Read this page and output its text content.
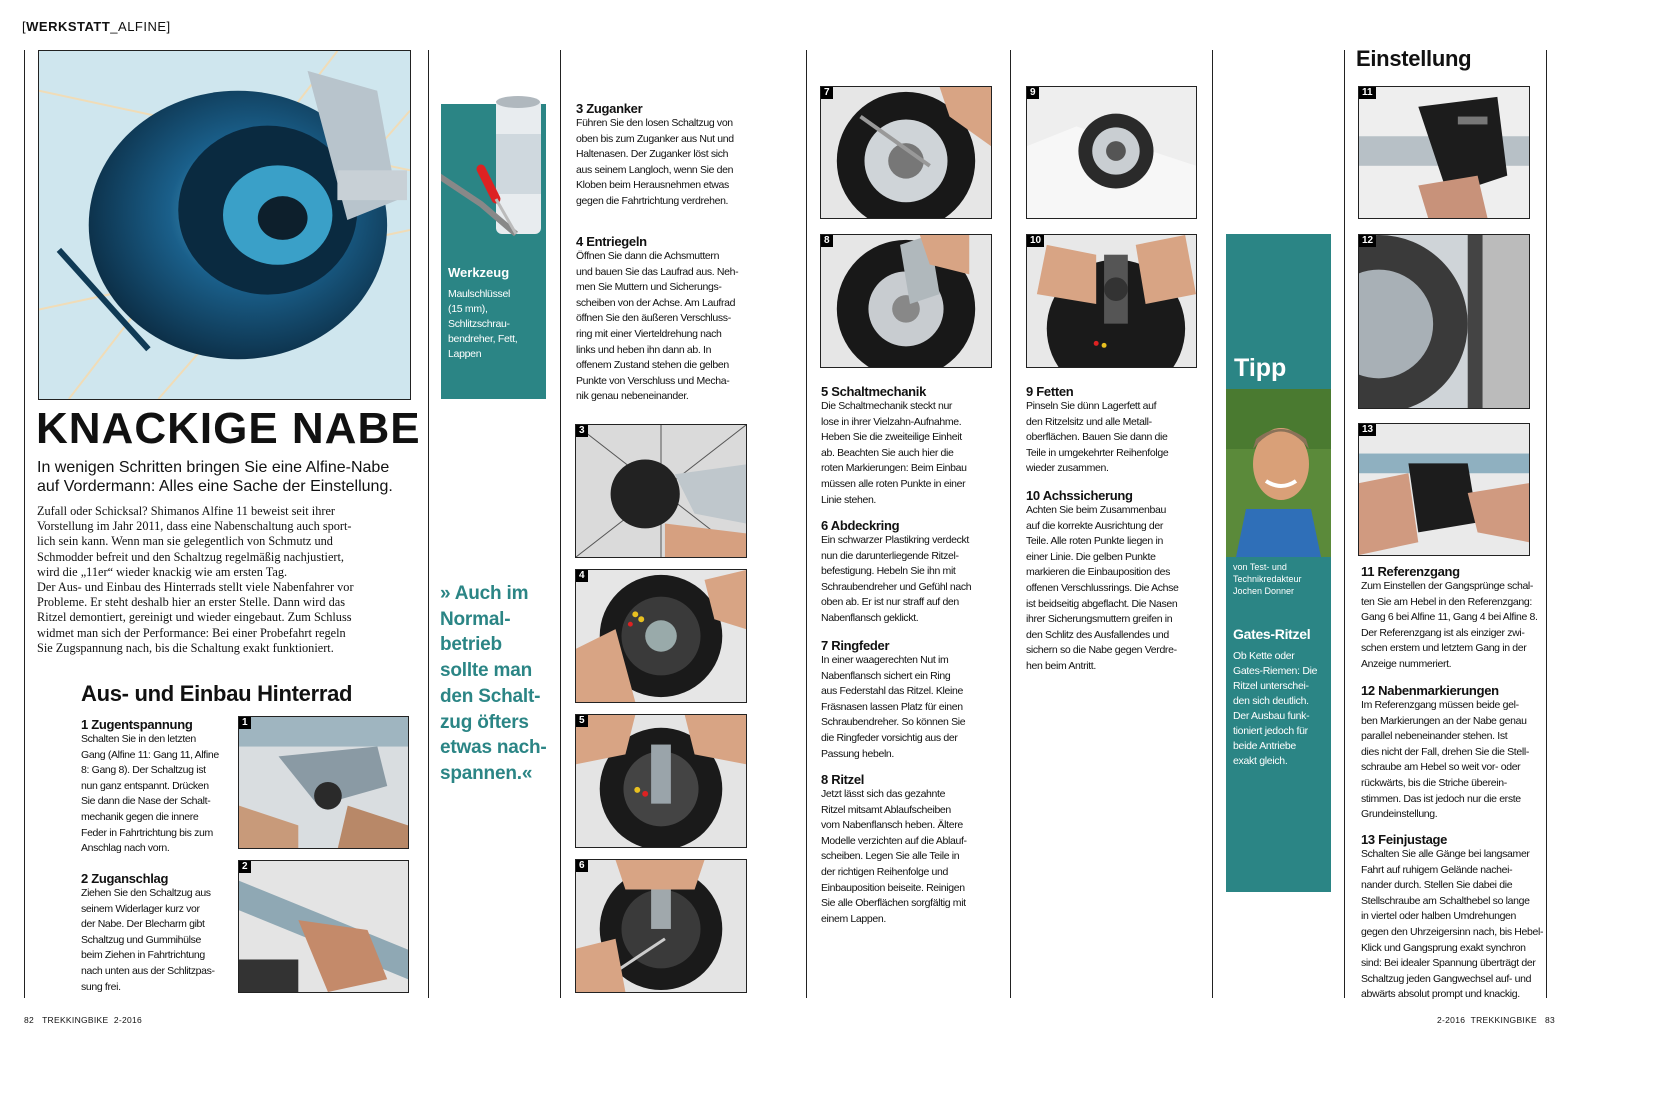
[WERKSTATT_ALFINE]
KNACKIGE NABE
In wenigen Schritten bringen Sie eine Alfine-Nabe auf Vordermann: Alles eine Sache der Einstellung.
Zufall oder Schicksal? Shimanos Alfine 11 beweist seit ihrer
Vorstellung im Jahr 2011, dass eine Nabenschaltung auch sport-
lich sein kann. Wenn man sie gelegentlich von Schmutz und
Schmodder befreit und den Schaltzug regelmäßig nachjustiert,
wird die „11er“ wieder knackig wie am ersten Tag.
Der Aus- und Einbau des Hinterrads stellt viele Nabenfahrer vor
Probleme. Er steht deshalb hier an erster Stelle. Dann wird das
Ritzel demontiert, gereinigt und wieder eingebaut. Zum Schluss
widmet man sich der Performance: Bei einer Probefahrt regeln
Sie Zugspannung nach, bis die Schaltung exakt funktioniert.
Aus- und Einbau Hinterrad
1 Zugentspannung
Schalten Sie in den letzten
Gang (Alfine 11: Gang 11, Alfine
8: Gang 8). Der Schaltzug ist
nun ganz entspannt. Drücken
Sie dann die Nase der Schalt-
mechanik gegen die innere
Feder in Fahrtrichtung bis zum
Anschlag nach vorn.
1
2 Zuganschlag
Ziehen Sie den Schaltzug aus
seinem Widerlager kurz vor
der Nabe. Der Blecharm gibt
Schaltzug und Gummihülse
beim Ziehen in Fahrtrichtung
nach unten aus der Schlitzpas-
sung frei.
2
Werkzeug
Maulschlüssel
(15 mm),
Schlitzschrau-
bendreher, Fett,
Lappen
» Auch im
Normal-
betrieb
sollte man
den Schalt-
zug öfters
etwas nach-
spannen.«
3 Zuganker
Führen Sie den losen Schaltzug von
oben bis zum Zuganker aus Nut und
Haltenasen. Der Zuganker löst sich
aus seinem Langloch, wenn Sie den
Kloben beim Herausnehmen etwas
gegen die Fahrtrichtung verdrehen.
4 Entriegeln
Öffnen Sie dann die Achsmuttern
und bauen Sie das Laufrad aus. Neh-
men Sie Muttern und Sicherungs-
scheiben von der Achse. Am Laufrad
öffnen Sie den äußeren Verschluss-
ring mit einer Vierteldrehung nach
links und heben ihn dann ab. In
offenem Zustand stehen die gelben
Punkte von Verschluss und Mecha-
nik genau nebeneinander.
3
4
5
6
7
8
5 Schaltmechanik
Die Schaltmechanik steckt nur
lose in ihrer Vielzahn-Aufnahme.
Heben Sie die zweiteilige Einheit
ab. Beachten Sie auch hier die
roten Markierungen: Beim Einbau
müssen alle roten Punkte in einer
Linie stehen.
6 Abdeckring
Ein schwarzer Plastikring verdeckt
nun die darunterliegende Ritzel-
befestigung. Hebeln Sie ihn mit
Schraubendreher und Gefühl nach
oben ab. Er ist nur straff auf den
Nabenflansch geklickt.
7 Ringfeder
In einer waagerechten Nut im
Nabenflansch sichert ein Ring
aus Federstahl das Ritzel. Kleine
Fräsnasen lassen Platz für einen
Schraubendreher. So können Sie
die Ringfeder vorsichtig aus der
Passung hebeln.
8 Ritzel
Jetzt lässt sich das gezahnte
Ritzel mitsamt Ablaufscheiben
vom Nabenflansch heben. Ältere
Modelle verzichten auf die Ablauf-
scheiben. Legen Sie alle Teile in
der richtigen Reihenfolge und
Einbauposition beiseite. Reinigen
Sie alle Oberflächen sorgfältig mit
einem Lappen.
9
10
9 Fetten
Pinseln Sie dünn Lagerfett auf
den Ritzelsitz und alle Metall-
oberflächen. Bauen Sie dann die
Teile in umgekehrter Reihenfolge
wieder zusammen.
10 Achssicherung
Achten Sie beim Zusammenbau
auf die korrekte Ausrichtung der
Teile. Alle roten Punkte liegen in
einer Linie. Die gelben Punkte
markieren die Einbauposition des
offenen Verschlussrings. Die Achse
ist beidseitig abgeflacht. Die Nasen
ihrer Sicherungsmuttern greifen in
den Schlitz des Ausfallendes und
sichern so die Nabe gegen Verdre-
hen beim Antritt.
Tipp
von Test- und
Technikredakteur
Jochen Donner
Gates-Ritzel
Ob Kette oder
Gates-Riemen: Die
Ritzel unterschei-
den sich deutlich.
Der Ausbau funk-
tioniert jedoch für
beide Antriebe
exakt gleich.
Einstellung
11
12
13
11 Referenzgang
Zum Einstellen der Gangsprünge schal-
ten Sie am Hebel in den Referenzgang:
Gang 6 bei Alfine 11, Gang 4 bei Alfine 8.
Der Referenzgang ist als einziger zwi-
schen erstem und letztem Gang in der
Anzeige nummeriert.
12 Nabenmarkierungen
Im Referenzgang müssen beide gel-
ben Markierungen an der Nabe genau
parallel nebeneinander stehen. Ist
dies nicht der Fall, drehen Sie die Stell-
schraube am Hebel so weit vor- oder
rückwärts, bis die Striche überein-
stimmen. Das ist jedoch nur die erste
Grundeinstellung.
13 Feinjustage
Schalten Sie alle Gänge bei langsamer
Fahrt auf ruhigem Gelände nachei-
nander durch. Stellen Sie dabei die
Stellschraube am Schalthebel so lange
in viertel oder halben Umdrehungen
gegen den Uhrzeigersinn nach, bis Hebel-
Klick und Gangsprung exakt synchron
sind: Bei idealer Spannung überträgt der
Schaltzug jeden Gangwechsel auf- und
abwärts absolut prompt und knackig.
82 TREKKINGBIKE 2-2016	2-2016 TREKKINGBIKE 83
